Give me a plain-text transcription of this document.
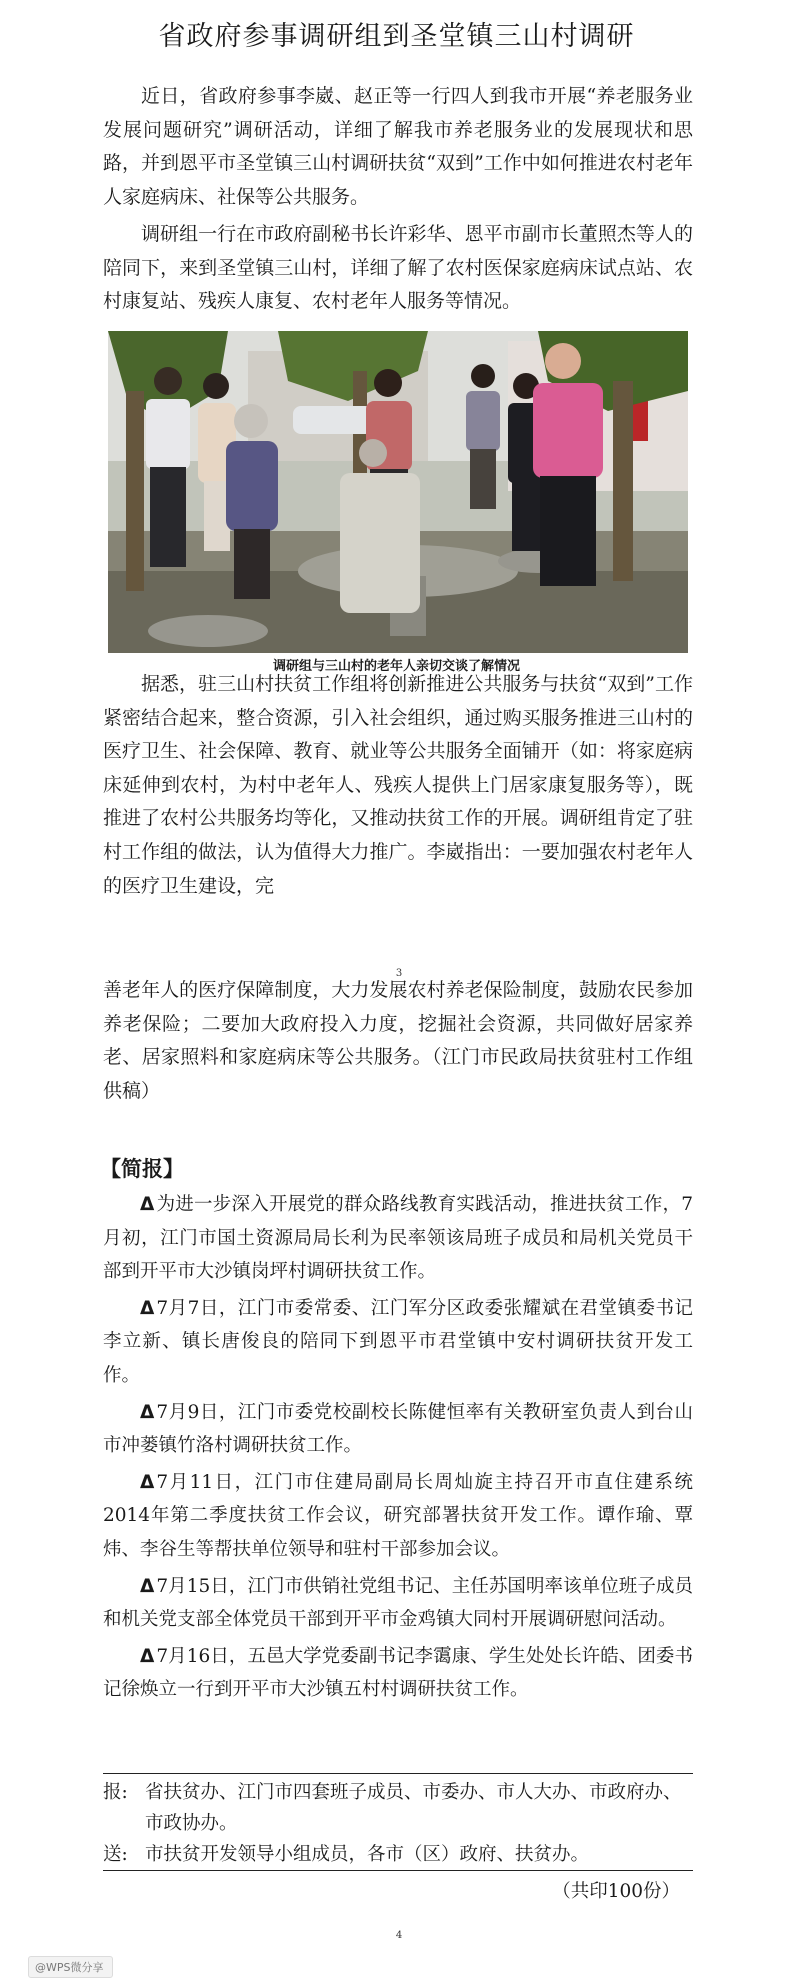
省政府参事调研组到圣堂镇三山村调研

近日，省政府参事李崴、赵正等一行四人到我市开展“养老服务业发展问题研究”调研活动，详细了解我市养老服务业的发展现状和思路，并到恩平市圣堂镇三山村调研扶贫“双到”工作中如何推进农村老年人家庭病床、社保等公共服务。

调研组一行在市政府副秘书长许彩华、恩平市副市长董照杰等人的陪同下，来到圣堂镇三山村，详细了解了农村医保家庭病床试点站、农村康复站、残疾人康复、农村老年人服务等情况。

调研组与三山村的老年人亲切交谈了解情况

据悉，驻三山村扶贫工作组将创新推进公共服务与扶贫“双到”工作紧密结合起来，整合资源，引入社会组织，通过购买服务推进三山村的医疗卫生、社会保障、教育、就业等公共服务全面铺开（如：将家庭病床延伸到农村，为村中老年人、残疾人提供上门居家康复服务等），既推进了农村公共服务均等化，又推动扶贫工作的开展。调研组肯定了驻村工作组的做法，认为值得大力推广。李崴指出：一要加强农村老年人的医疗卫生建设，完

3

善老年人的医疗保障制度，大力发展农村养老保险制度，鼓励农民参加养老保险；二要加大政府投入力度，挖掘社会资源，共同做好居家养老、居家照料和家庭病床等公共服务。（江门市民政局扶贫驻村工作组供稿）

【简报】

Δ 为进一步深入开展党的群众路线教育实践活动，推进扶贫工作，7月初，江门市国土资源局局长利为民率领该局班子成员和局机关党员干部到开平市大沙镇岗坪村调研扶贫工作。

Δ 7月7日，江门市委常委、江门军分区政委张耀斌在君堂镇委书记李立新、镇长唐俊良的陪同下到恩平市君堂镇中安村调研扶贫开发工作。

Δ 7月9日，江门市委党校副校长陈健恒率有关教研室负责人到台山市冲蒌镇竹洛村调研扶贫工作。

Δ 7月11日，江门市住建局副局长周灿旋主持召开市直住建系统2014年第二季度扶贫工作会议，研究部署扶贫开发工作。谭作瑜、覃炜、李谷生等帮扶单位领导和驻村干部参加会议。

Δ 7月15日，江门市供销社党组书记、主任苏国明率该单位班子成员和机关党支部全体党员干部到开平市金鸡镇大同村开展调研慰问活动。

Δ 7月16日，五邑大学党委副书记李霭康、学生处处长许皓、团委书记徐焕立一行到开平市大沙镇五村村调研扶贫工作。

报: 省扶贫办、江门市四套班子成员、市委办、市人大办、市政府办、市政协办。
送: 市扶贫开发领导小组成员，各市（区）政府、扶贫办。
（共印100份）
4
@WPS微分享
